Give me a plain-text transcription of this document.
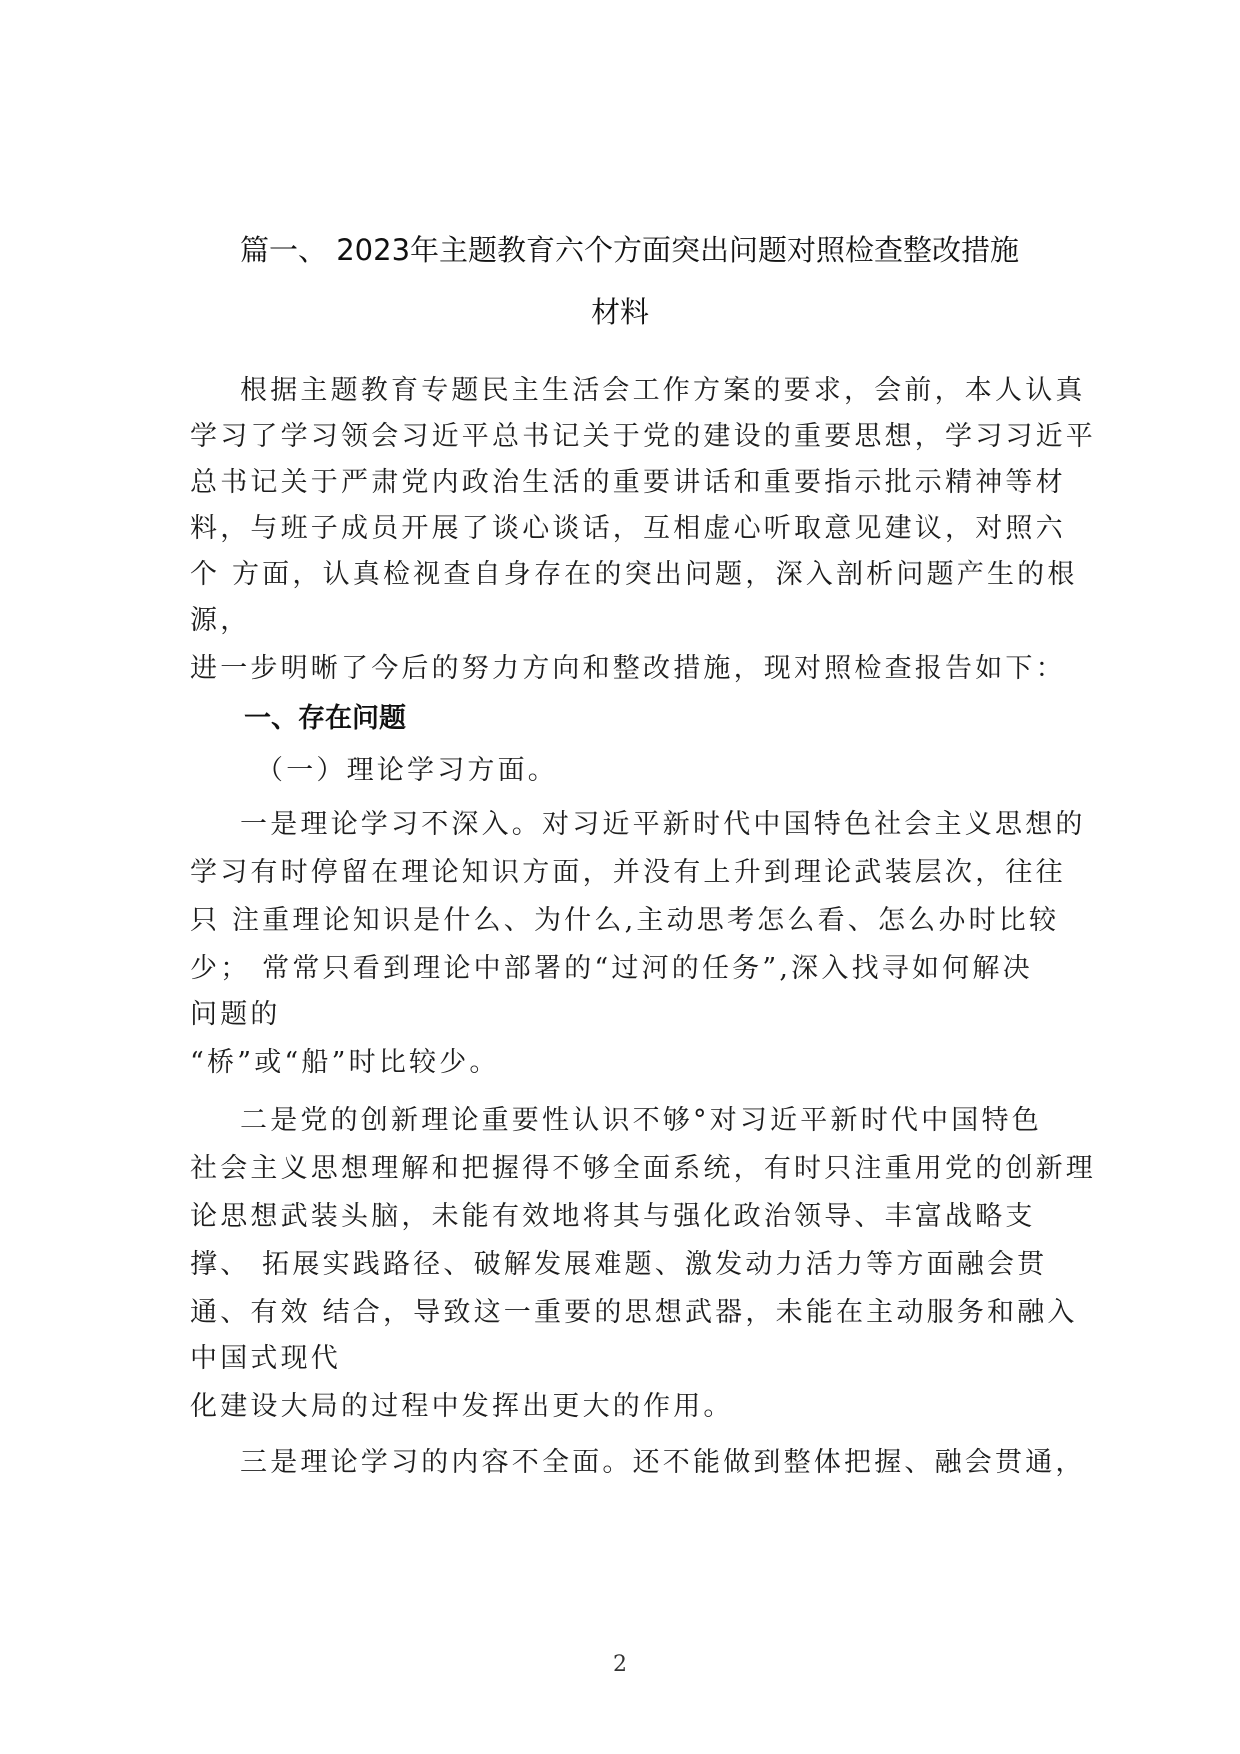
篇一、 2023年主题教育六个方面突出问题对照检查整改措施
材料
根据主题教育专题民主生活会工作方案的要求，会前，本人认真
学习了学习领会习近平总书记关于党的建设的重要思想，学习习近平
总书记关于严肃党内政治生活的重要讲话和重要指示批示精神等材
料，与班子成员开展了谈心谈话，互相虚心听取意见建议，对照六
个 方面，认真检视查自身存在的突出问题，深入剖析问题产生的根
源，
进一步明晰了今后的努力方向和整改措施，现对照检查报告如下：
一、存在问题
（一）理论学习方面。
一是理论学习不深入。对习近平新时代中国特色社会主义思想的
学习有时停留在理论知识方面，并没有上升到理论武装层次，往往
只 注重理论知识是什么、为什么,主动思考怎么看、怎么办时比较
少； 常常只看到理论中部署的“过河的任务”,深入找寻如何解决
问题的
“桥”或“船”时比较少。
二是党的创新理论重要性认识不够°对习近平新时代中国特色
社会主义思想理解和把握得不够全面系统，有时只注重用党的创新理
论思想武装头脑，未能有效地将其与强化政治领导、丰富战略支
撑、 拓展实践路径、破解发展难题、激发动力活力等方面融会贯
通、有效 结合，导致这一重要的思想武器，未能在主动服务和融入
中国式现代
化建设大局的过程中发挥出更大的作用。
三是理论学习的内容不全面。还不能做到整体把握、融会贯通，
2
